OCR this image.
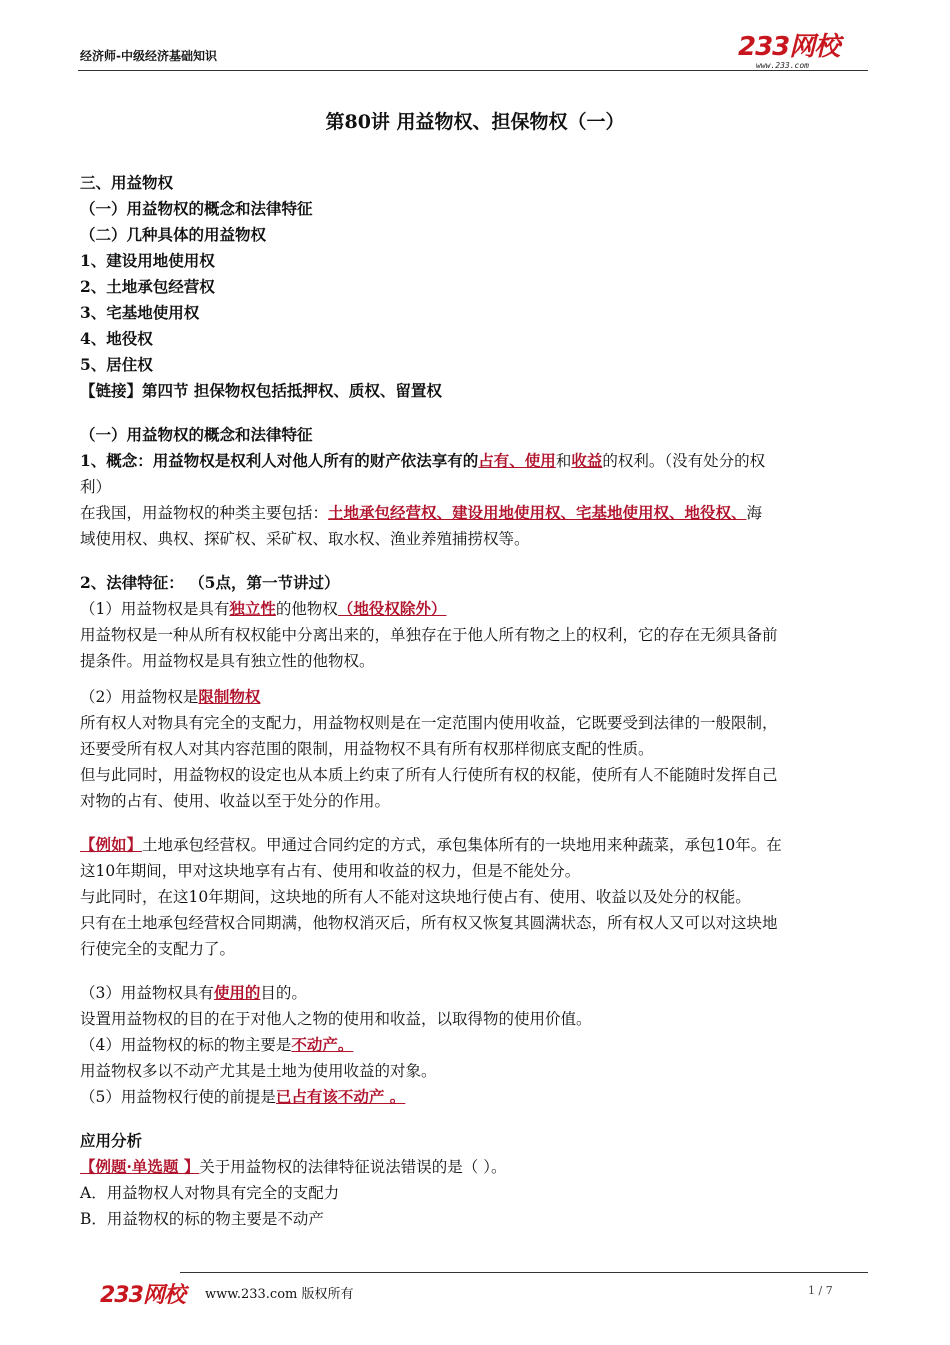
经济师-中级经济基础知识	233网校
www.233.com
第80讲 用益物权、担保物权（一）
三、用益物权
（一）用益物权的概念和法律特征
（二）几种具体的用益物权
1、建设用地使用权
2、土地承包经营权
3、宅基地使用权
4、地役权
5、居住权
【链接】第四节 担保物权包括抵押权、质权、留置权
（一）用益物权的概念和法律特征
1、概念：用益物权是权利人对他人所有的财产依法享有的占有、使用和收益的权利。（没有处分的权
利）
在我国，用益物权的种类主要包括：土地承包经营权、建设用地使用权、宅基地使用权、地役权、海
域使用权、典权、探矿权、采矿权、取水权、渔业养殖捕捞权等。
2、法律特征： （5点，第一节讲过）
（1）用益物权是具有独立性的他物权（地役权除外）
用益物权是一种从所有权权能中分离出来的，单独存在于他人所有物之上的权利，它的存在无须具备前
提条件。用益物权是具有独立性的他物权。
（2）用益物权是限制物权
所有权人对物具有完全的支配力，用益物权则是在一定范围内使用收益，它既要受到法律的一般限制，
还要受所有权人对其内容范围的限制，用益物权不具有所有权那样彻底支配的性质。
但与此同时，用益物权的设定也从本质上约束了所有人行使所有权的权能，使所有人不能随时发挥自己
对物的占有、使用、收益以至于处分的作用。
【例如】土地承包经营权。甲通过合同约定的方式，承包集体所有的一块地用来种蔬菜，承包10年。在
这10年期间，甲对这块地享有占有、使用和收益的权力，但是不能处分。
与此同时，在这10年期间，这块地的所有人不能对这块地行使占有、使用、收益以及处分的权能。
只有在土地承包经营权合同期满，他物权消灭后，所有权又恢复其圆满状态，所有权人又可以对这块地
行使完全的支配力了。
（3）用益物权具有使用的目的。
设置用益物权的目的在于对他人之物的使用和收益，以取得物的使用价值。
（4）用益物权的标的物主要是不动产。
用益物权多以不动产尤其是土地为使用收益的对象。
（5）用益物权行使的前提是已占有该不动产 。
应用分析
【例题·单选题 】关于用益物权的法律特征说法错误的是（ ）。
A．用益物权人对物具有完全的支配力
B．用益物权的标的物主要是不动产
233网校 www.233.com 版权所有	1 / 7
